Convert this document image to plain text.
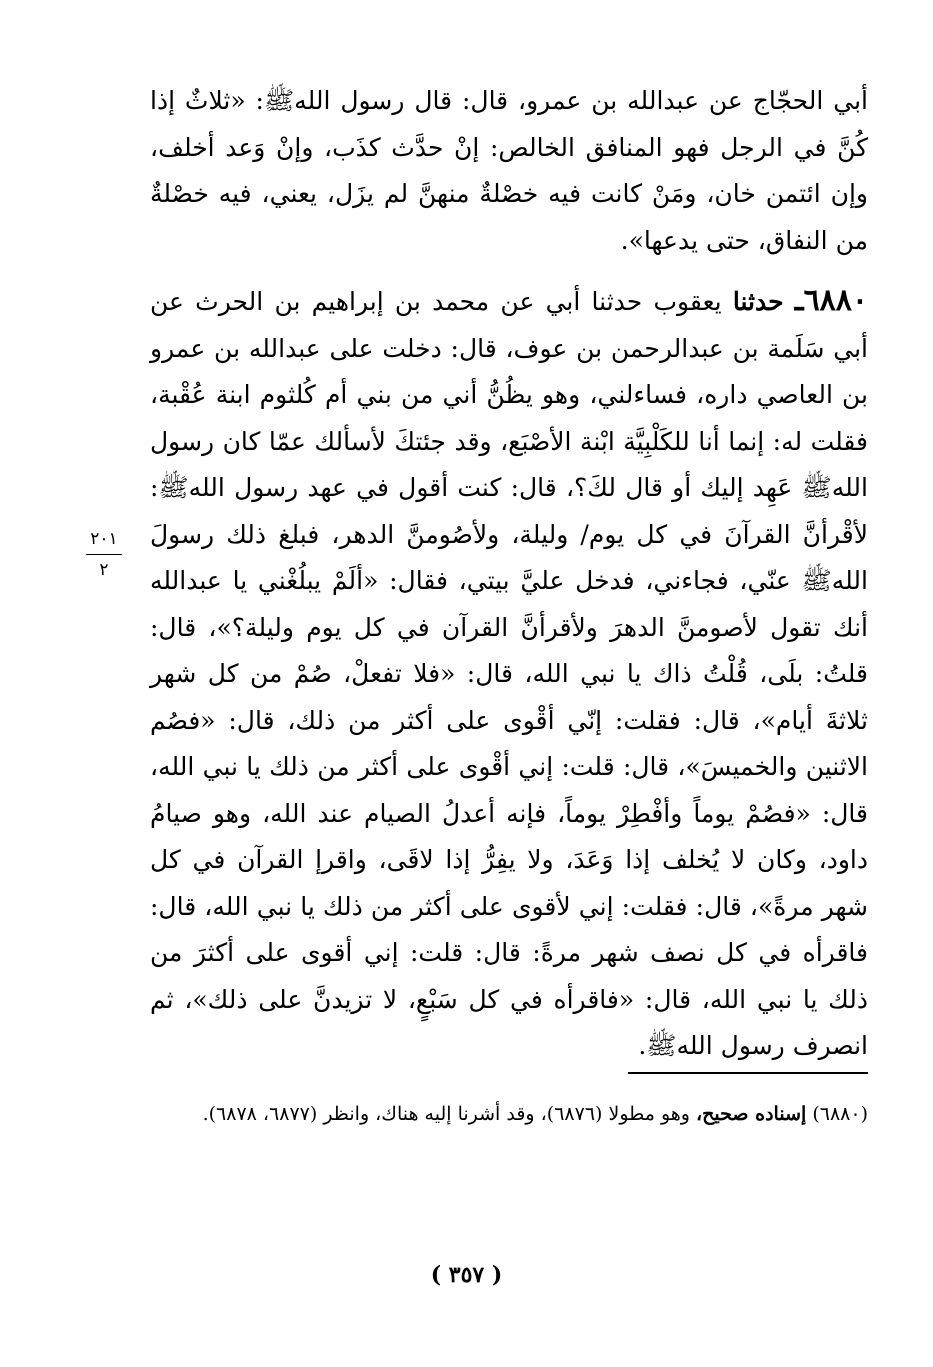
أبي الحجّاج عن عبدالله بن عمرو، قال: قال رسول اللهﷺ: «ثلاثٌ إذا كُنَّ في الرجل فهو المنافق الخالص: إنْ حدَّث كذَب، وإنْ وَعد أخلف، وإن ائتمن خان، ومَنْ كانت فيه خصْلةٌ منهنَّ لم يزَل، يعني، فيه خصْلةٌ من النفاق، حتى يدعها».

٦٨٨٠ـ حدثنا يعقوب حدثنا أبي عن محمد بن إبراهيم بن الحرث عن أبي سَلَمة بن عبدالرحمن بن عوف، قال: دخلت على عبدالله بن عمرو بن العاصي داره، فساءلني، وهو يظُنُّ أني من بني أم كُلثوم ابنة عُقْبة، فقلت له: إنما أنا للكَلْبِيَّة ابْنة الأصْبَع، وقد جئتكَ لأسألك عمّا كان رسول اللهﷺ عَهِد إليك أو قال لكَ؟، قال: كنت أقول في عهد رسول اللهﷺ: لأقْرأنَّ القرآنَ في كل يوم/ وليلة، ولأصُومنَّ الدهر، فبلغ ذلك رسولَ اللهﷺ عنّي، فجاءني، فدخل عليَّ بيتي، فقال: «ألَمْ يبلُغْني يا عبدالله أنك تقول لأصومنَّ الدهرَ ولأقرأنَّ القرآن في كل يوم وليلة؟»، قال: قلتُ: بلَى، قُلْتُ ذاك يا نبي الله، قال: «فلا تفعلْ، صُمْ من كل شهر ثلاثةَ أيام»، قال: فقلت: إنّي أقْوى على أكثر من ذلك، قال: «فصُم الاثنين والخميسَ»، قال: قلت: إني أقْوى على أكثر من ذلك يا نبي الله، قال: «فصُمْ يوماً وأفْطِرْ يوماً، فإنه أعدلُ الصيام عند الله، وهو صيامُ داود، وكان لا يُخلف إذا وَعَدَ، ولا يفِرُّ إذا لاقَى، واقرإ القرآن في كل شهر مرةً»، قال: فقلت: إني لأقوى على أكثر من ذلك يا نبي الله، قال: فاقرأه في كل نصف شهر مرةً: قال: قلت: إني أقوى على أكثرَ من ذلك يا نبي الله، قال: «فاقرأه في كل سَبْعٍ، لا تزيدنَّ على ذلك»، ثم انصرف رسول اللهﷺ.

٢٠١
٢
(٦٨٨٠) إسناده صحيح، وهو مطولا (٦٨٧٦)، وقد أشرنا إليه هناك، وانظر (٦٨٧٧، ٦٨٧٨).
( ٣٥٧ )
